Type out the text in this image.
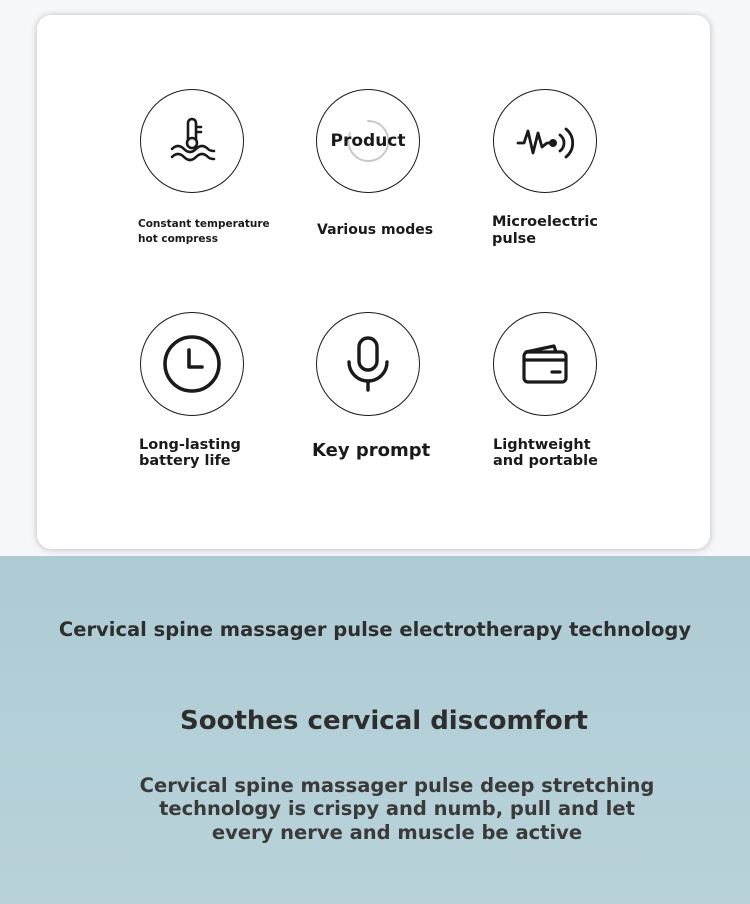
Constant temperature
hot compress
Product
Various modes	Microelectric
pulse
Long-lasting
battery life	Key prompt	Lightweight
and portable
Cervical spine massager pulse electrotherapy technology
Soothes cervical discomfort
Cervical spine massager pulse deep stretching
technology is crispy and numb, pull and let
every nerve and muscle be active
